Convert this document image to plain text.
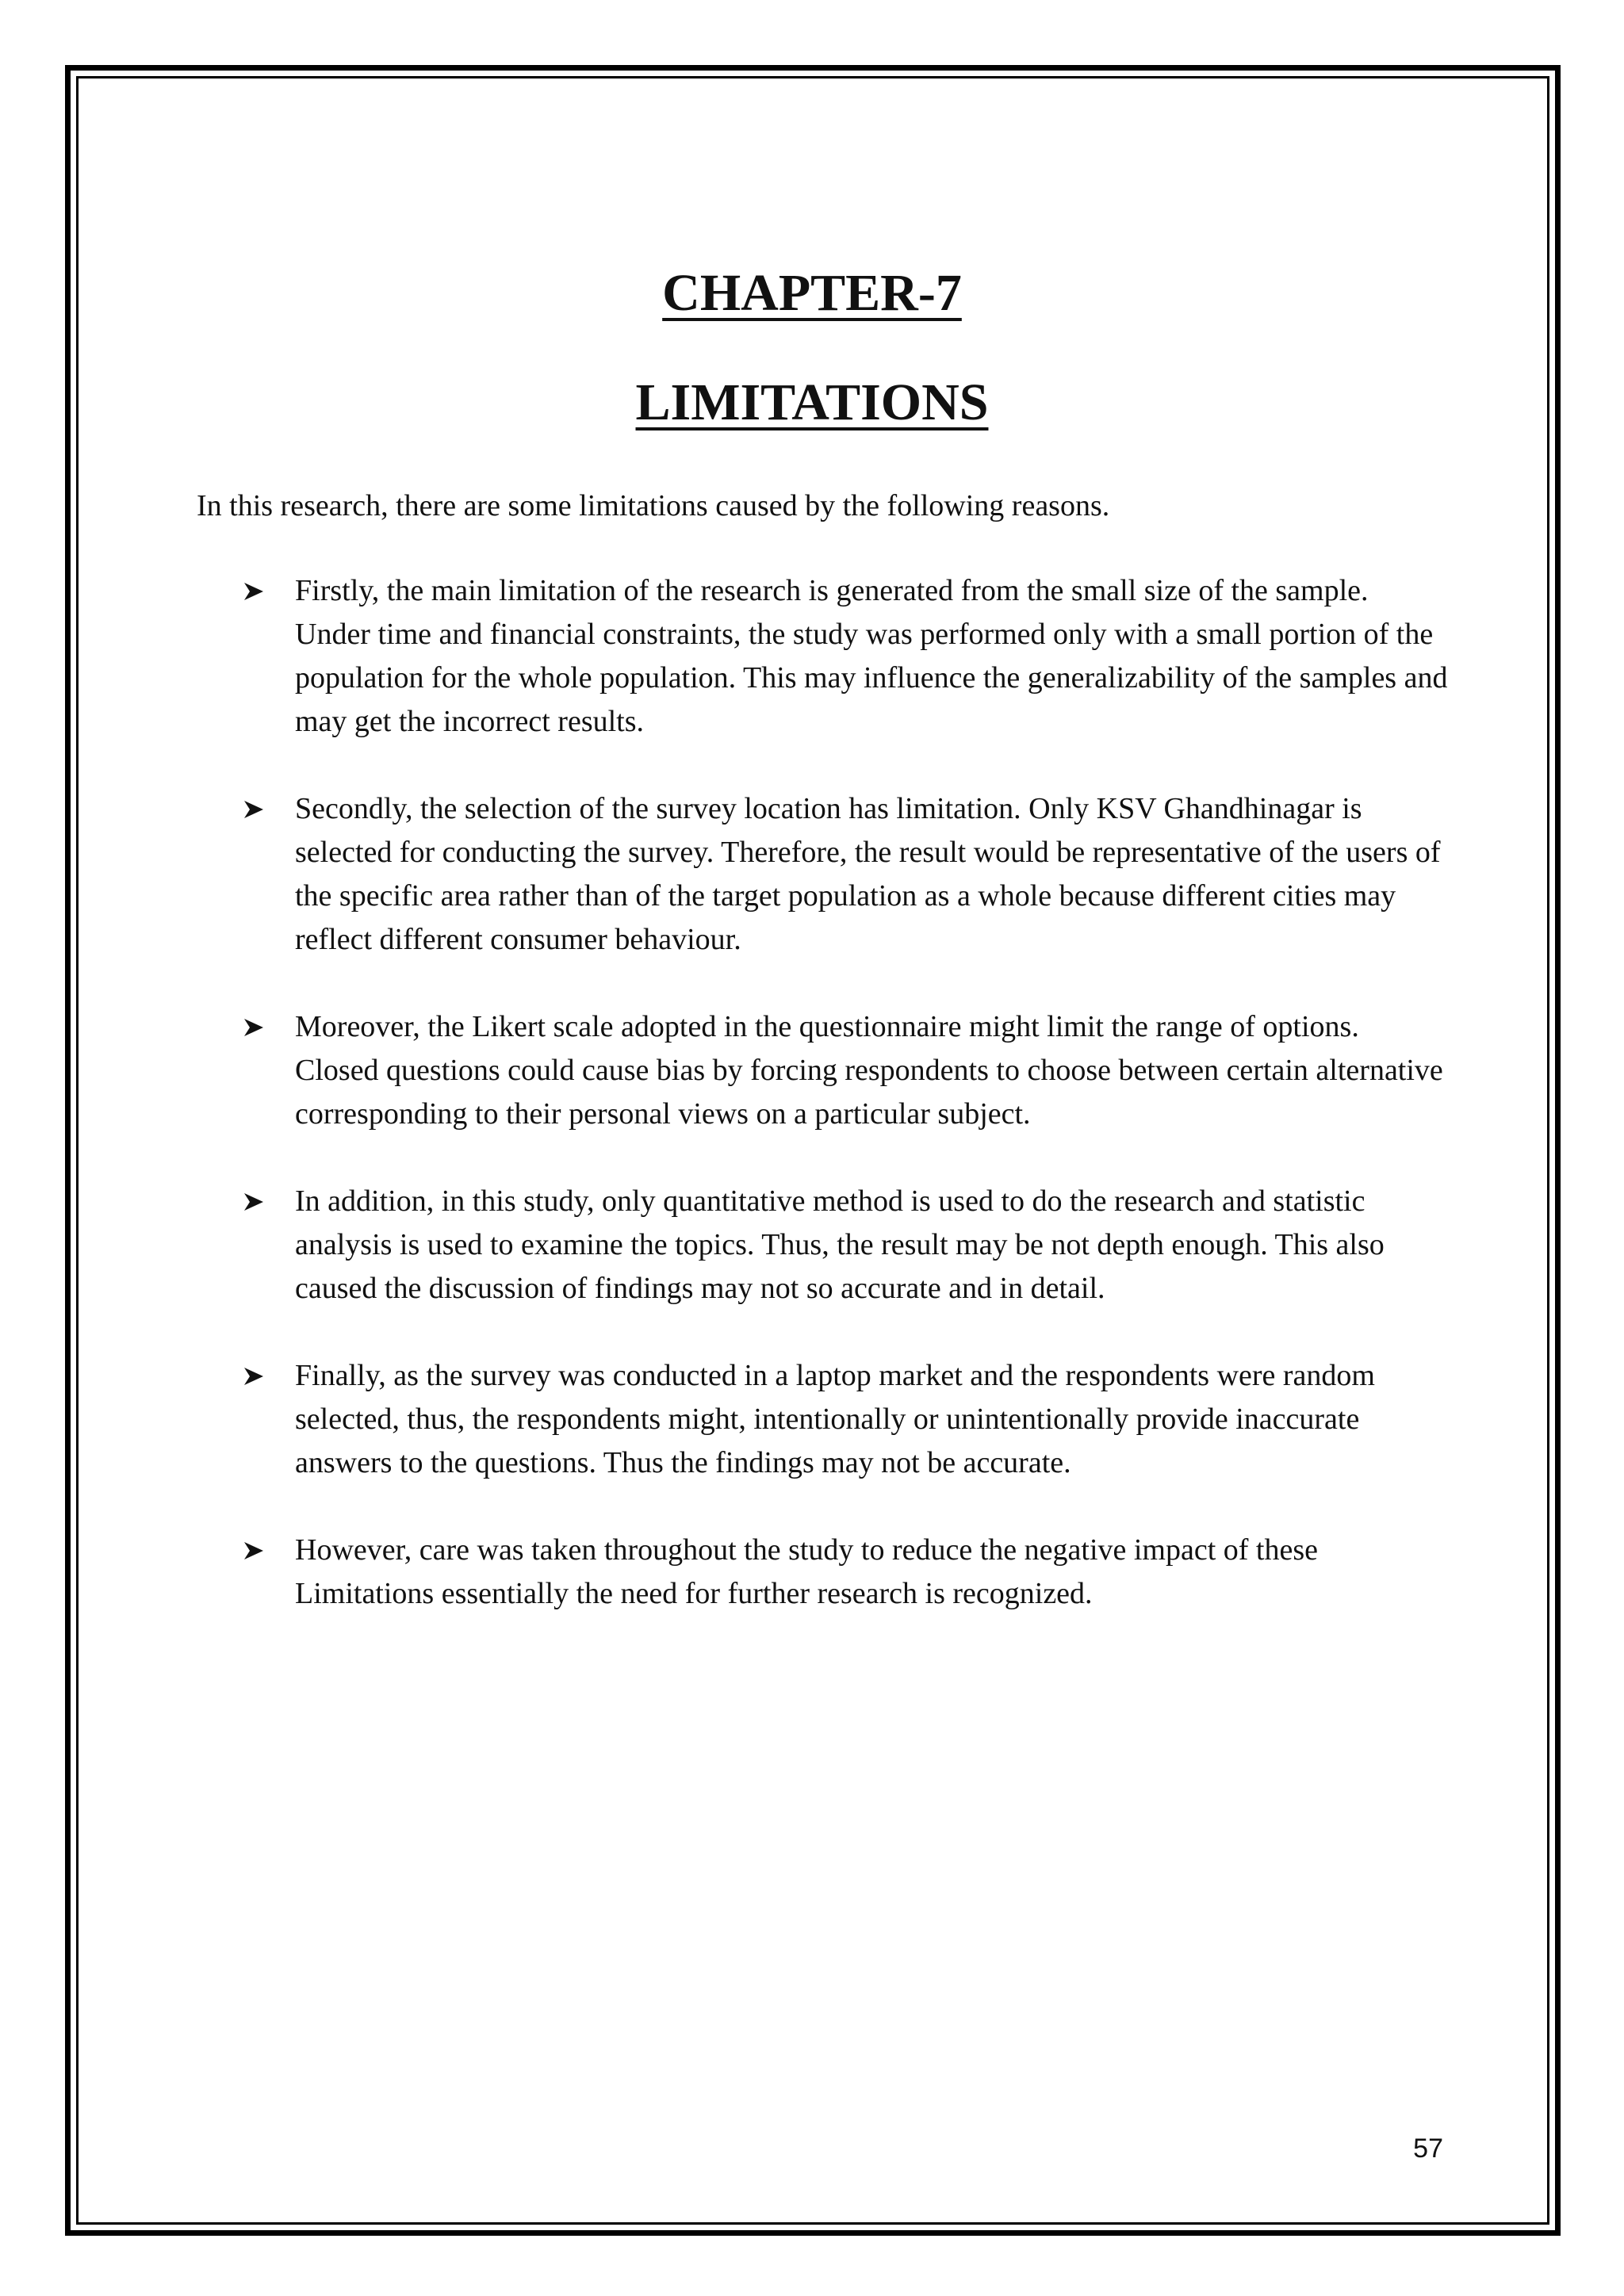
CHAPTER-7
LIMITATIONS

In this research, there are some limitations caused by the following reasons.

Firstly, the main limitation of the research is generated from the small size of the sample. Under time and financial constraints, the study was performed only with a small portion of the population for the whole population. This may influence the generalizability of the samples and may get the incorrect results.
Secondly, the selection of the survey location has limitation. Only KSV Ghandhinagar is selected for conducting the survey. Therefore, the result would be representative of the users of the specific area rather than of the target population as a whole because different cities may reflect different consumer behaviour.
Moreover, the Likert scale adopted in the questionnaire might limit the range of options. Closed questions could cause bias by forcing respondents to choose between certain alternative corresponding to their personal views on a particular subject.
In addition, in this study, only quantitative method is used to do the research and statistic analysis is used to examine the topics. Thus, the result may be not depth enough. This also caused the discussion of findings may not so accurate and in detail.
Finally, as the survey was conducted in a laptop market and the respondents were random selected, thus, the respondents might, intentionally or unintentionally provide inaccurate answers to the questions. Thus the findings may not be accurate.
However, care was taken throughout the study to reduce the negative impact of these Limitations essentially the need for further research is recognized.
57
